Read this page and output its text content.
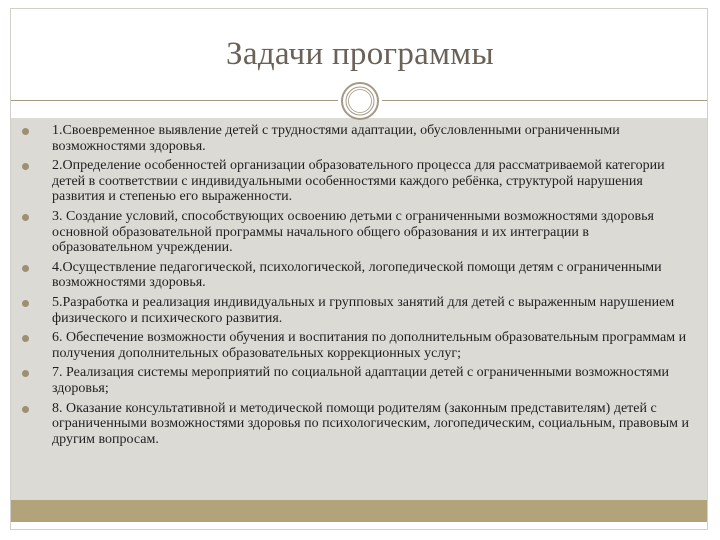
Задачи программы
1.Своевременное выявление детей с трудностями адаптации, обусловленными ограниченными возможностями здоровья.
2.Определение особенностей организации образовательного процесса для рассматриваемой категории детей в соответствии с индивидуальными особенностями каждого ребёнка, структурой нарушения развития и степенью его выраженности.
3. Создание условий, способствующих освоению детьми с ограниченными возможностями здоровья основной образовательной программы начального общего образования и их интеграции в образовательном учреждении.
4.Осуществление педагогической, психологической, логопедической помощи детям с ограниченными возможностями здоровья.
5.Разработка и реализация индивидуальных и групповых занятий для детей с выраженным нарушением физического и психического развития.
6. Обеспечение возможности обучения и воспитания по дополнительным образовательным программам и получения дополнительных образовательных коррекционных услуг;
7. Реализация системы мероприятий по социальной адаптации детей с ограниченными возможностями здоровья;
8. Оказание консультативной и методической помощи родителям (законным представителям) детей с ограниченными возможностями здоровья по психологическим, логопедическим, социальным, правовым и другим вопросам.
